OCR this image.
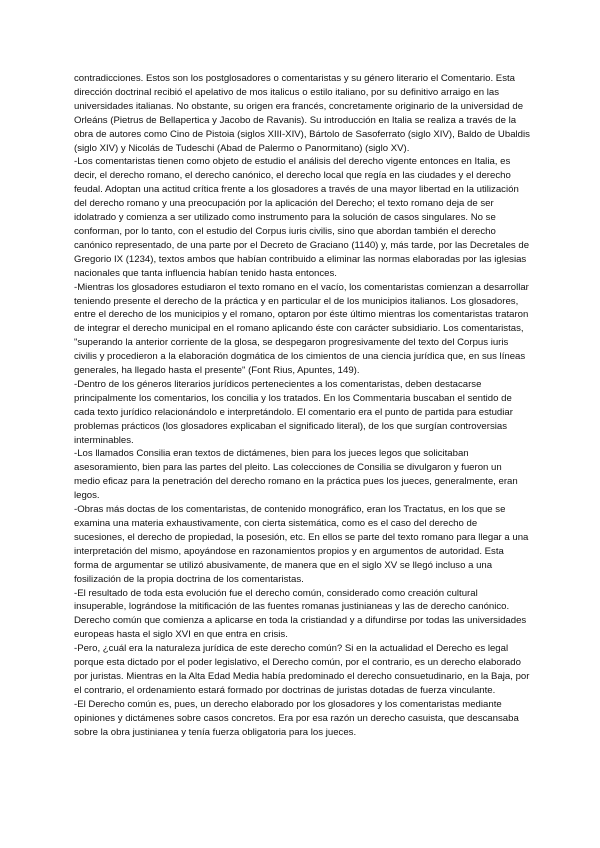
contradicciones. Estos son los postglosadores o comentaristas y su género literario el Comentario. Esta dirección doctrinal recibió el apelativo de mos italicus o estilo italiano, por su definitivo arraigo en las universidades italianas. No obstante, su origen era francés, concretamente originario de la universidad de Orleáns (Pietrus de Bellapertica y Jacobo de Ravanis). Su introducción en Italia se realiza a través de la obra de autores como Cino de Pistoia (siglos XIII-XIV), Bártolo de Sasoferrato (siglo XIV), Baldo de Ubaldis (siglo XIV) y Nicolás de Tudeschi (Abad de Palermo o Panormitano) (siglo XV).

-Los comentaristas tienen como objeto de estudio el análisis del derecho vigente entonces en Italia, es decir, el derecho romano, el derecho canónico, el derecho local que regía en las ciudades y el derecho feudal. Adoptan una actitud crítica frente a los glosadores a través de una mayor libertad en la utilización del derecho romano y una preocupación por la aplicación del Derecho; el texto romano deja de ser idolatrado y comienza a ser utilizado como instrumento para la solución de casos singulares. No se conforman, por lo tanto, con el estudio del Corpus iuris civilis, sino que abordan también el derecho canónico representado, de una parte por el Decreto de Graciano (1140) y, más tarde, por las Decretales de Gregorio IX (1234), textos ambos que habían contribuido a eliminar las normas elaboradas por las iglesias nacionales que tanta influencia habían tenido hasta entonces.

-Mientras los glosadores estudiaron el texto romano en el vacío, los comentaristas comienzan a desarrollar teniendo presente el derecho de la práctica y en particular el de los municipios italianos. Los glosadores, entre el derecho de los municipios y el romano, optaron por éste último mientras los comentaristas trataron de integrar el derecho municipal en el romano aplicando éste con carácter subsidiario. Los comentaristas, "superando la anterior corriente de la glosa, se despegaron progresivamente del texto del Corpus iuris civilis y procedieron a la elaboración dogmática de los cimientos de una ciencia jurídica que, en sus líneas generales, ha llegado hasta el presente" (Font Rius, Apuntes, 149).

-Dentro de los géneros literarios jurídicos pertenecientes a los comentaristas, deben destacarse principalmente los comentarios, los concilia y los tratados. En los Commentaria buscaban el sentido de cada texto jurídico relacionándolo e interpretándolo. El comentario era el punto de partida para estudiar problemas prácticos (los glosadores explicaban el significado literal), de los que surgían controversias interminables.

-Los llamados Consilia eran textos de dictámenes, bien para los jueces legos que solicitaban asesoramiento, bien para las partes del pleito. Las colecciones de Consilia se divulgaron y fueron un medio eficaz para la penetración del derecho romano en la práctica pues los jueces, generalmente, eran legos.

-Obras más doctas de los comentaristas, de contenido monográfico, eran los Tractatus, en los que se examina una materia exhaustivamente, con cierta sistemática, como es el caso del derecho de sucesiones, el derecho de propiedad, la posesión, etc. En ellos se parte del texto romano para llegar a una interpretación del mismo, apoyándose en razonamientos propios y en argumentos de autoridad. Esta forma de argumentar se utilizó abusivamente, de manera que en el siglo XV se llegó incluso a una fosilización de la propia doctrina de los comentaristas.

-El resultado de toda esta evolución fue el derecho común, considerado como creación cultural insuperable, lográndose la mitificación de las fuentes romanas justinianeas y las de derecho canónico. Derecho común que comienza a aplicarse en toda la cristiandad y a difundirse por todas las universidades europeas hasta el siglo XVI en que entra en crisis.

-Pero, ¿cuál era la naturaleza jurídica de este derecho común? Si en la actualidad el Derecho es legal porque esta dictado por el poder legislativo, el Derecho común, por el contrario, es un derecho elaborado por juristas. Mientras en la Alta Edad Media había predominado el derecho consuetudinario, en la Baja, por el contrario, el ordenamiento estará formado por doctrinas de juristas dotadas de fuerza vinculante.

-El Derecho común es, pues, un derecho elaborado por los glosadores y los comentaristas mediante opiniones y dictámenes sobre casos concretos. Era por esa razón un derecho casuista, que descansaba sobre la obra justinianea y tenía fuerza obligatoria para los jueces.
